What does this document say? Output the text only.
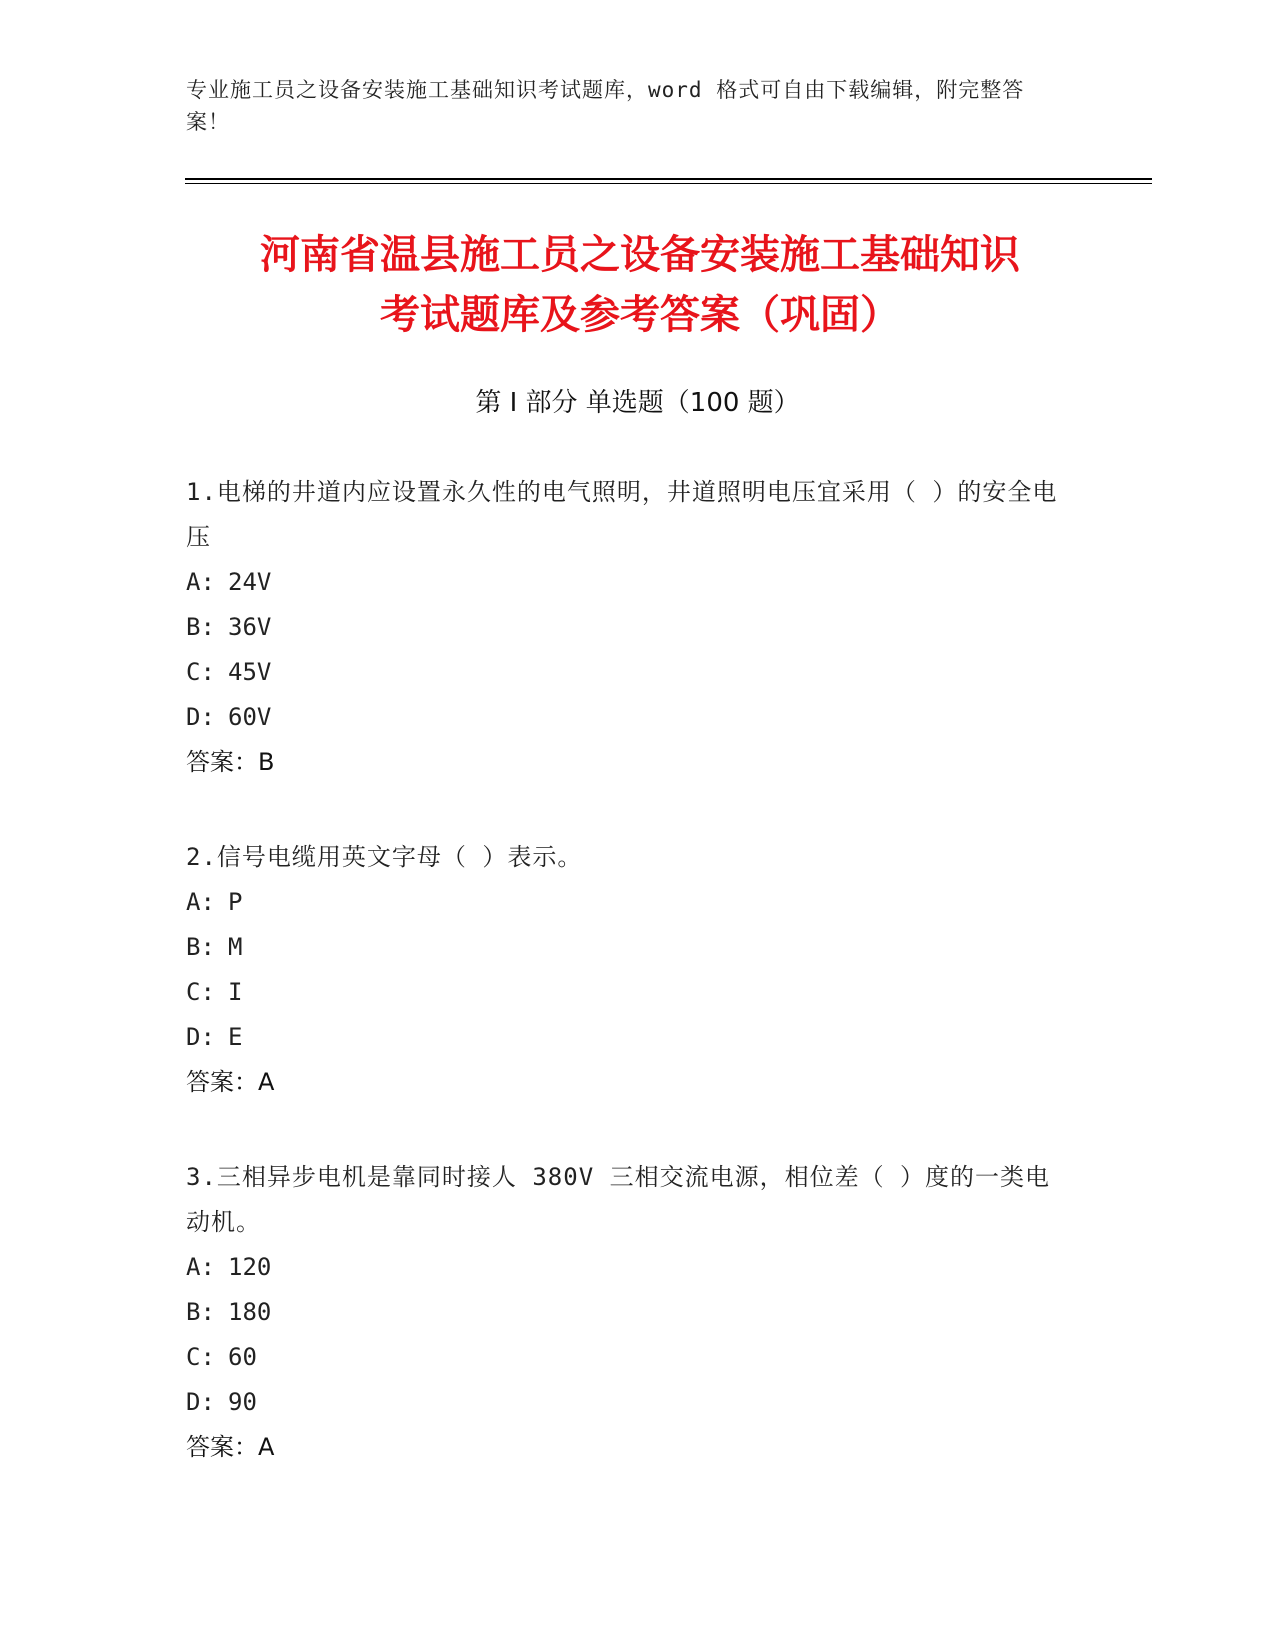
专业施工员之设备安装施工基础知识考试题库，word 格式可自由下载编辑，附完整答案！
河南省温县施工员之设备安装施工基础知识
考试题库及参考答案（巩固）
第 I 部分 单选题（100 题）
1.电梯的井道内应设置永久性的电气照明，井道照明电压宜采用（ ）的安全电压
A: 24V
B: 36V
C: 45V
D: 60V
答案：B
2.信号电缆用英文字母（ ）表示。
A: P
B: M
C: I
D: E
答案：A
3.三相异步电机是靠同时接人 380V 三相交流电源，相位差（ ）度的一类电动机。
A: 120
B: 180
C: 60
D: 90
答案：A
